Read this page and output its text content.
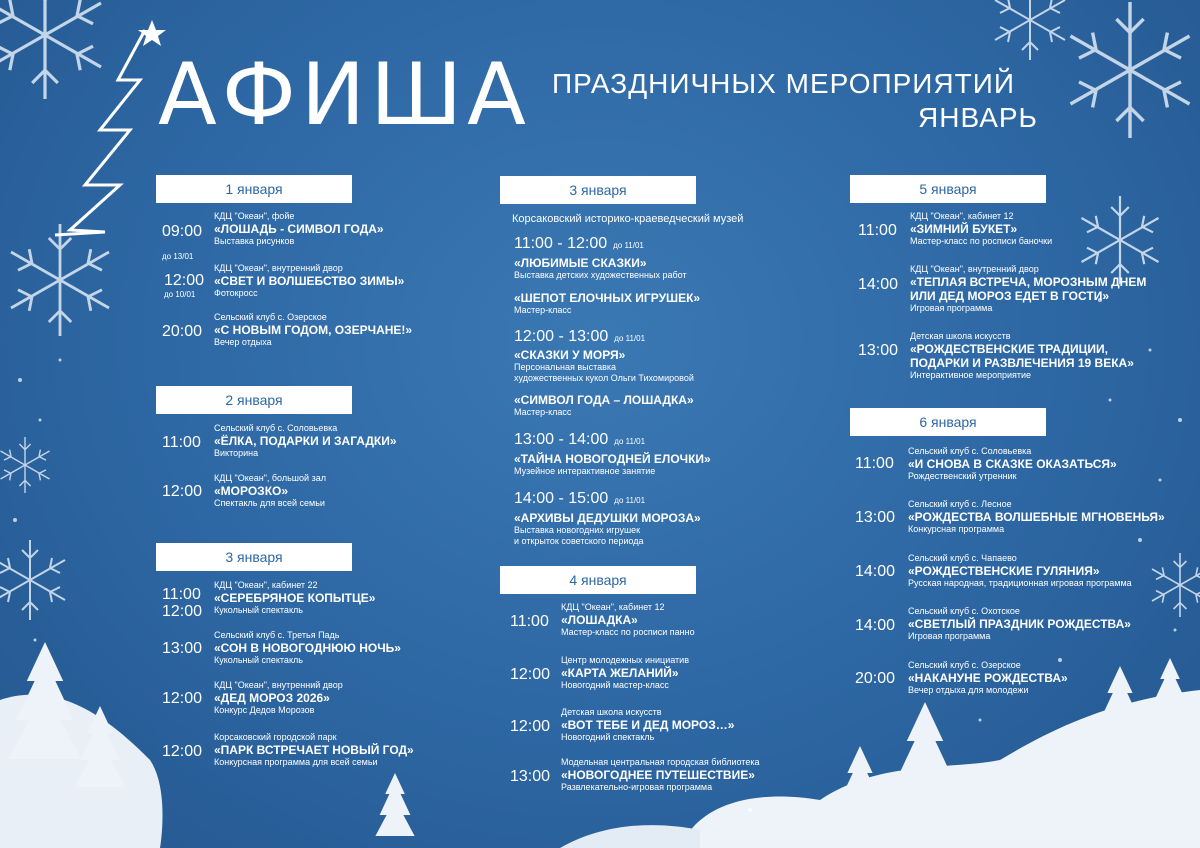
АФИША ПРАЗДНИЧНЫХ МЕРОПРИЯТИЙ
ЯНВАРЬ
1 января
09:00
до 13/01
КДЦ "Океан", фойе
«ЛОШАДЬ - СИМВОЛ ГОДА»
Выставка рисунков
12:00
до 10/01
КДЦ "Океан", внутренний двор
«СВЕТ И ВОЛШЕБСТВО ЗИМЫ»
Фотокросс
20:00
Сельский клуб с. Озерское
«С НОВЫМ ГОДОМ, ОЗЕРЧАНЕ!»
Вечер отдыха
2 января
11:00
Сельский клуб с. Соловьевка
«ЁЛКА, ПОДАРКИ И ЗАГАДКИ»
Викторина
12:00
КДЦ "Океан", большой зал
«МОРОЗКО»
Спектакль для всей семьи
3 января
11:00
12:00
КДЦ "Океан", кабинет 22
«СЕРЕБРЯНОЕ КОПЫТЦЕ»
Кукольный спектакль
13:00
Сельский клуб с. Третья Падь
«СОН В НОВОГОДНЮЮ НОЧЬ»
Кукольный спектакль
12:00
КДЦ "Океан", внутренний двор
«ДЕД МОРОЗ 2026»
Конкурс Дедов Морозов
12:00
Корсаковский городской парк
«ПАРК ВСТРЕЧАЕТ НОВЫЙ ГОД»
Конкурсная программа для всей семьи
3 января
Корсаковский историко-краеведческий музей
11:00 - 12:00 до 11/01
«ЛЮБИМЫЕ СКАЗКИ»
Выставка детских художественных работ
«ШЕПОТ ЕЛОЧНЫХ ИГРУШЕК»
Мастер-класс
12:00 - 13:00 до 11/01
«СКАЗКИ У МОРЯ»
Персональная выставка
художественных кукол Ольги Тихомировой
«СИМВОЛ ГОДА – ЛОШАДКА»
Мастер-класс
13:00 - 14:00 до 11/01
«ТАЙНА НОВОГОДНЕЙ ЕЛОЧКИ»
Музейное интерактивное занятие
14:00 - 15:00 до 11/01
«АРХИВЫ ДЕДУШКИ МОРОЗА»
Выставка новогодних игрушек
и открыток советского периода
4 января
11:00
КДЦ "Океан", кабинет 12
«ЛОШАДКА»
Мастер-класс по росписи панно
12:00
Центр молодежных инициатив
«КАРТА ЖЕЛАНИЙ»
Новогодний мастер-класс
12:00
Детская школа искусств
«ВОТ ТЕБЕ И ДЕД МОРОЗ…»
Новогодний спектакль
13:00
Модельная центральная городская библиотека
«НОВОГОДНЕЕ ПУТЕШЕСТВИЕ»
Развлекательно-игровая программа
5 января
11:00
КДЦ "Океан", кабинет 12
«ЗИМНИЙ БУКЕТ»
Мастер-класс по росписи баночки
14:00
КДЦ "Океан", внутренний двор
«ТЕПЛАЯ ВСТРЕЧА, МОРОЗНЫМ ДНЕМ
ИЛИ ДЕД МОРОЗ ЕДЕТ В ГОСТИ»
Игровая программа
13:00
Детская школа искусств
«РОЖДЕСТВЕНСКИЕ ТРАДИЦИИ,
ПОДАРКИ И РАЗВЛЕЧЕНИЯ 19 ВЕКА»
Интерактивное мероприятие
6 января
11:00
Сельский клуб с. Соловьевка
«И СНОВА В СКАЗКЕ ОКАЗАТЬСЯ»
Рождественский утренник
13:00
Сельский клуб с. Лесное
«РОЖДЕСТВА ВОЛШЕБНЫЕ МГНОВЕНЬЯ»
Конкурсная программа
14:00
Сельский клуб с. Чапаево
«РОЖДЕСТВЕНСКИЕ ГУЛЯНИЯ»
Русская народная, традиционная игровая программа
14:00
Сельский клуб с. Охотское
«СВЕТЛЫЙ ПРАЗДНИК РОЖДЕСТВА»
Игровая программа
20:00
Сельский клуб с. Озерское
«НАКАНУНЕ РОЖДЕСТВА»
Вечер отдыха для молодежи
